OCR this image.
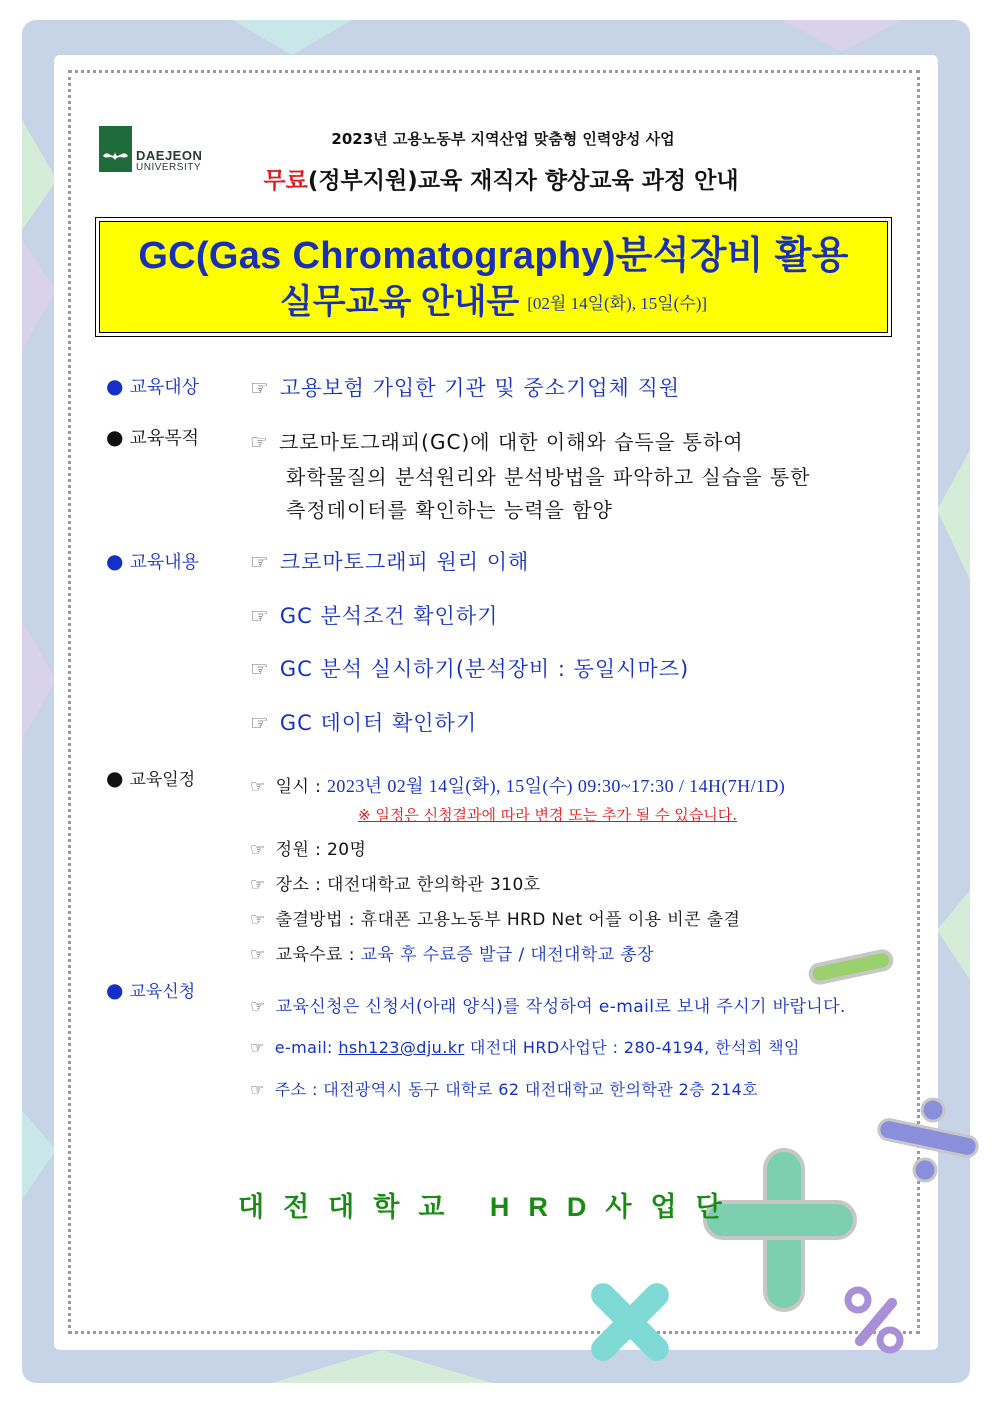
DAEJEON
UNIVERSITY
2023년 고용노동부 지역산업 맞춤형 인력양성 사업
무료(정부지원)교육 재직자 향상교육 과정 안내
GC(Gas Chromatography)분석장비 활용
실무교육 안내문 [02월 14일(화), 15일(수)]
● 교육대상 ☞ 고용보험 가입한 기관 및 중소기업체 직원
● 교육목적	☞ 크로마토그래피(GC)에 대한 이해와 습득을 통하여
화학물질의 분석원리와 분석방법을 파악하고 실습을 통한
측정데이터를 확인하는 능력을 함양
● 교육내용 ☞ 크로마토그래피 원리 이해
☞ GC 분석조건 확인하기
☞ GC 분석 실시하기(분석장비 : 동일시마즈)
☞ GC 데이터 확인하기
● 교육일정	☞ 일시 : 2023년 02월 14일(화), 15일(수) 09:30~17:30 / 14H(7H/1D)
※ 일정은 신청결과에 따라 변경 또는 추가 될 수 있습니다.
☞ 정원 : 20명
☞ 장소 : 대전대학교 한의학관 310호
☞ 출결방법 : 휴대폰 고용노동부 HRD Net 어플 이용 비콘 출결
☞ 교육수료 : 교육 후 수료증 발급 / 대전대학교 총장
● 교육신청
☞ 교육신청은 신청서(아래 양식)를 작성하여 e-mail로 보내 주시기 바랍니다.
☞ e-mail: hsh123@dju.kr 대전대 HRD사업단 : 280-4194, 한석희 책임
☞ 주소 : 대전광역시 동구 대학로 62 대전대학교 한의학관 2층 214호
대전대학교 HRD사업단
